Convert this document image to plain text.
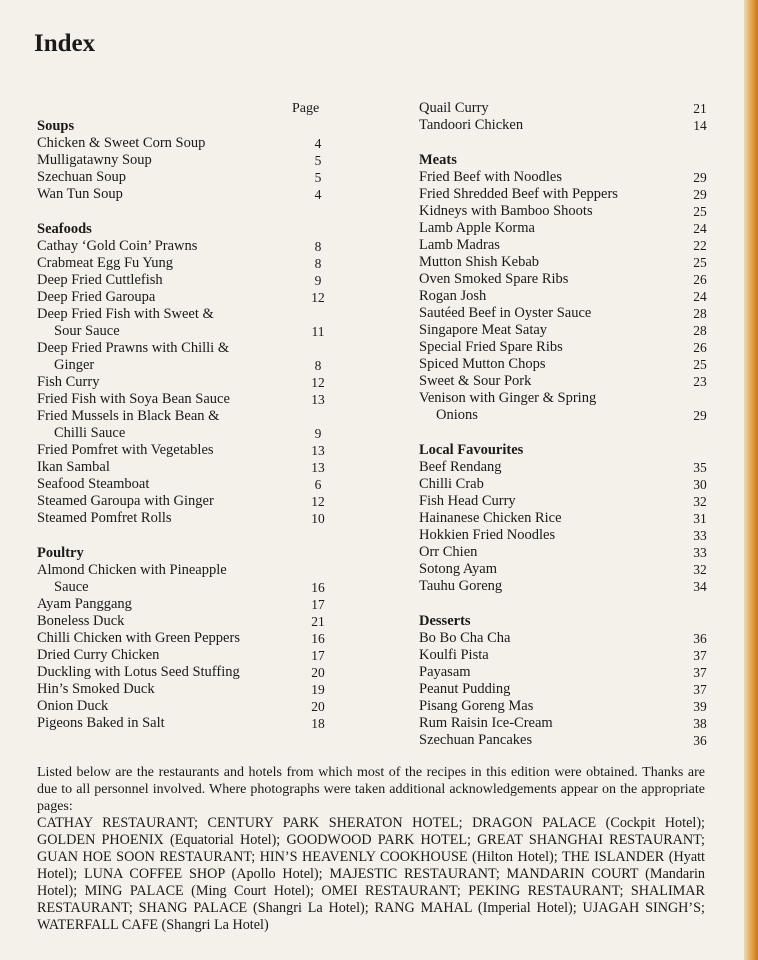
Index
Page
Soups
Chicken & Sweet Corn Soup	4
Mulligatawny Soup	5
Szechuan Soup	5
Wan Tun Soup	4
Seafoods
Cathay ‘Gold Coin’ Prawns	8
Crabmeat Egg Fu Yung	8
Deep Fried Cuttlefish	9
Deep Fried Garoupa	12
Deep Fried Fish with Sweet &
Sour Sauce	11
Deep Fried Prawns with Chilli &
Ginger	8
Fish Curry	12
Fried Fish with Soya Bean Sauce	13
Fried Mussels in Black Bean &
Chilli Sauce	9
Fried Pomfret with Vegetables	13
Ikan Sambal	13
Seafood Steamboat	6
Steamed Garoupa with Ginger	12
Steamed Pomfret Rolls	10
Poultry
Almond Chicken with Pineapple
Sauce	16
Ayam Panggang	17
Boneless Duck	21
Chilli Chicken with Green Peppers	16
Dried Curry Chicken	17
Duckling with Lotus Seed Stuffing	20
Hin’s Smoked Duck	19
Onion Duck	20
Pigeons Baked in Salt	18
Quail Curry	21
Tandoori Chicken	14
Meats
Fried Beef with Noodles	29
Fried Shredded Beef with Peppers	29
Kidneys with Bamboo Shoots	25
Lamb Apple Korma	24
Lamb Madras	22
Mutton Shish Kebab	25
Oven Smoked Spare Ribs	26
Rogan Josh	24
Sautéed Beef in Oyster Sauce	28
Singapore Meat Satay	28
Special Fried Spare Ribs	26
Spiced Mutton Chops	25
Sweet & Sour Pork	23
Venison with Ginger & Spring
Onions	29
Local Favourites
Beef Rendang	35
Chilli Crab	30
Fish Head Curry	32
Hainanese Chicken Rice	31
Hokkien Fried Noodles	33
Orr Chien	33
Sotong Ayam	32
Tauhu Goreng	34
Desserts
Bo Bo Cha Cha	36
Koulfi Pista	37
Payasam	37
Peanut Pudding	37
Pisang Goreng Mas	39
Rum Raisin Ice-Cream	38
Szechuan Pancakes	36

Listed below are the restaurants and hotels from which most of the recipes in this edition were obtained. Thanks are due to all personnel involved. Where photographs were taken additional acknowledgements appear on the appropriate pages:

CATHAY RESTAURANT; CENTURY PARK SHERATON HOTEL; DRAGON PALACE (Cockpit Hotel); GOLDEN PHOENIX (Equatorial Hotel); GOODWOOD PARK HOTEL; GREAT SHANGHAI RESTAURANT; GUAN HOE SOON RESTAURANT; HIN’S HEAVENLY COOKHOUSE (Hilton Hotel); THE ISLANDER (Hyatt Hotel); LUNA COFFEE SHOP (Apollo Hotel); MAJESTIC RESTAURANT; MANDARIN COURT (Mandarin Hotel); MING PALACE (Ming Court Hotel); OMEI RESTAURANT; PEKING RESTAURANT; SHALIMAR RESTAURANT; SHANG PALACE (Shangri La Hotel); RANG MAHAL (Imperial Hotel); UJAGAH SINGH’S; WATERFALL CAFE (Shangri La Hotel)
